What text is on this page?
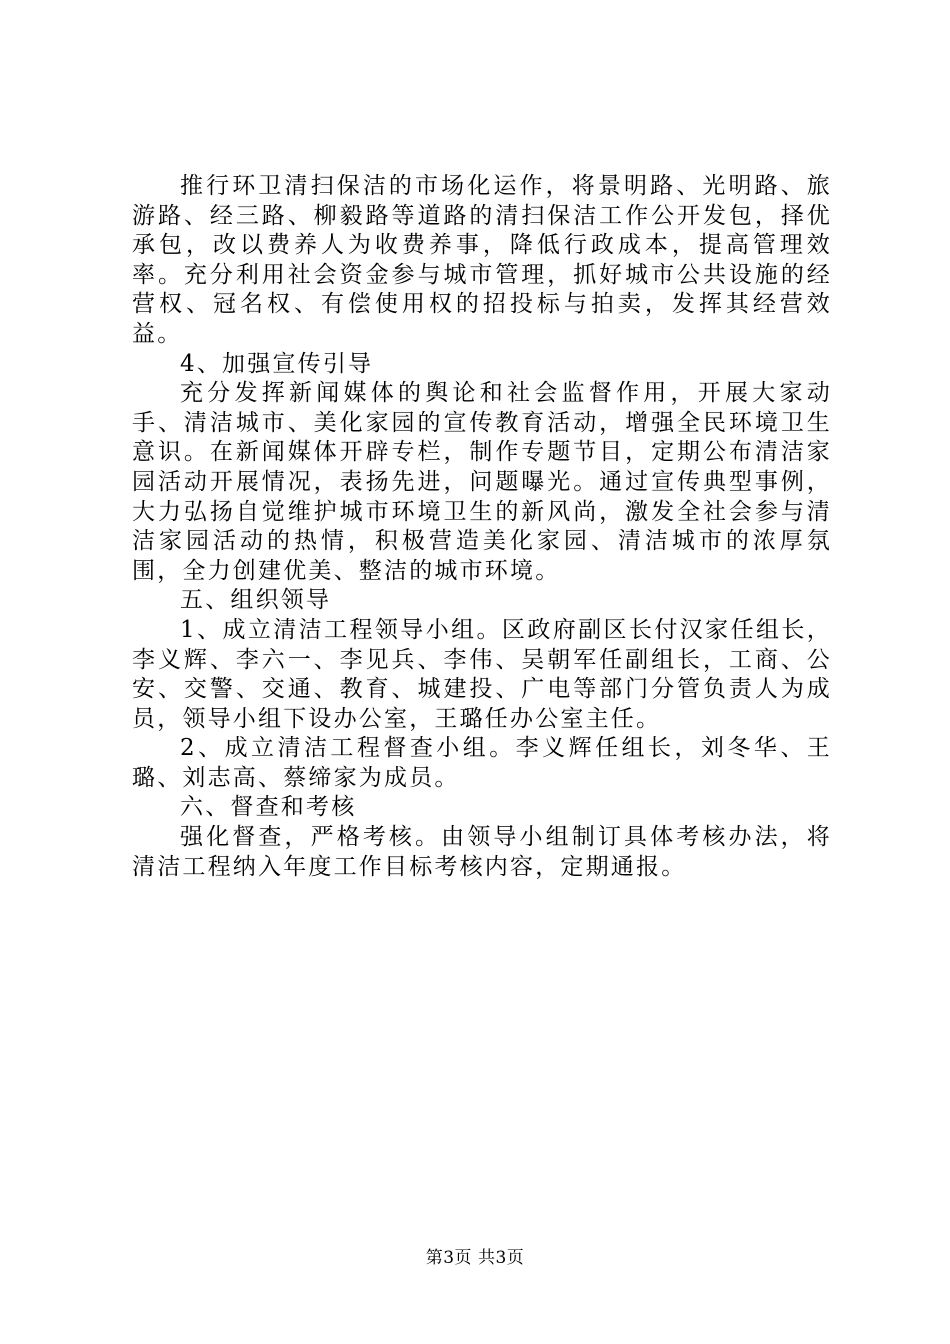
推行环卫清扫保洁的市场化运作，将景明路、光明路、旅游路、经三路、柳毅路等道路的清扫保洁工作公开发包，择优承包，改以费养人为收费养事，降低行政成本，提高管理效率。充分利用社会资金参与城市管理，抓好城市公共设施的经营权、冠名权、有偿使用权的招投标与拍卖，发挥其经营效益。

4、加强宣传引导

充分发挥新闻媒体的舆论和社会监督作用，开展大家动手、清洁城市、美化家园的宣传教育活动，增强全民环境卫生意识。在新闻媒体开辟专栏，制作专题节目，定期公布清洁家园活动开展情况，表扬先进，问题曝光。通过宣传典型事例，大力弘扬自觉维护城市环境卫生的新风尚，激发全社会参与清洁家园活动的热情，积极营造美化家园、清洁城市的浓厚氛围，全力创建优美、整洁的城市环境。

五、组织领导

1、成立清洁工程领导小组。区政府副区长付汉家任组长，李义辉、李六一、李见兵、李伟、吴朝军任副组长，工商、公安、交警、交通、教育、城建投、广电等部门分管负责人为成员，领导小组下设办公室，王璐任办公室主任。

2、成立清洁工程督查小组。李义辉任组长，刘冬华、王璐、刘志高、蔡缔家为成员。

六、督查和考核

强化督查，严格考核。由领导小组制订具体考核办法，将清洁工程纳入年度工作目标考核内容，定期通报。

第3页 共3页
